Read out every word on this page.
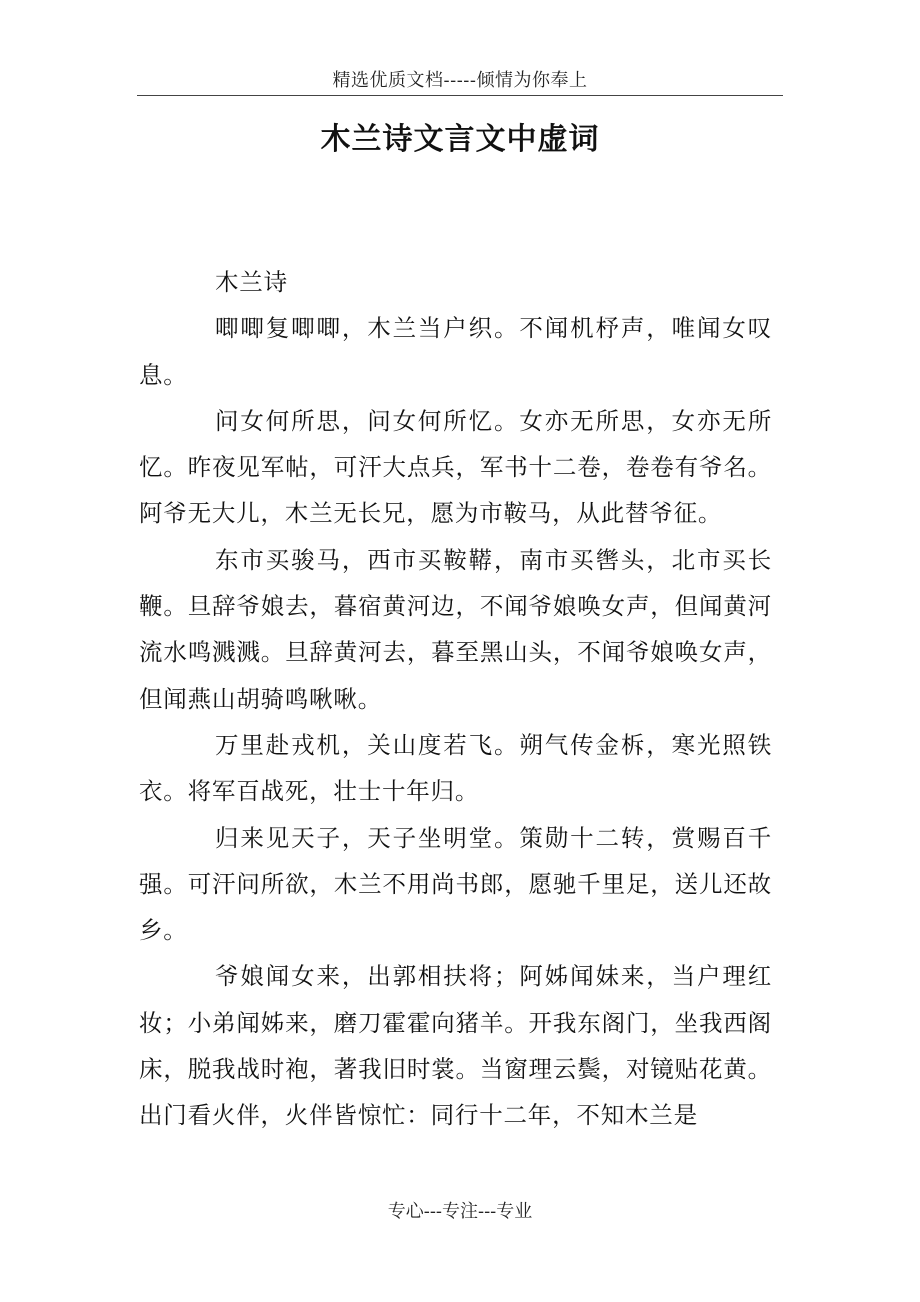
精选优质文档-----倾情为你奉上
木兰诗文言文中虚词

木兰诗

唧唧复唧唧，木兰当户织。不闻机杼声，唯闻女叹息。

问女何所思，问女何所忆。女亦无所思，女亦无所忆。昨夜见军帖，可汗大点兵，军书十二卷，卷卷有爷名。阿爷无大儿，木兰无长兄，愿为市鞍马，从此替爷征。

东市买骏马，西市买鞍鞯，南市买辔头，北市买长鞭。旦辞爷娘去，暮宿黄河边，不闻爷娘唤女声，但闻黄河流水鸣溅溅。旦辞黄河去，暮至黑山头，不闻爷娘唤女声，但闻燕山胡骑鸣啾啾。

万里赴戎机，关山度若飞。朔气传金柝，寒光照铁衣。将军百战死，壮士十年归。

归来见天子，天子坐明堂。策勋十二转，赏赐百千强。可汗问所欲，木兰不用尚书郎，愿驰千里足，送儿还故乡。

爷娘闻女来，出郭相扶将；阿姊闻妹来，当户理红妆；小弟闻姊来，磨刀霍霍向猪羊。开我东阁门，坐我西阁床，脱我战时袍，著我旧时裳。当窗理云鬓，对镜贴花黄。出门看火伴，火伴皆惊忙：同行十二年，不知木兰是

专心---专注---专业
